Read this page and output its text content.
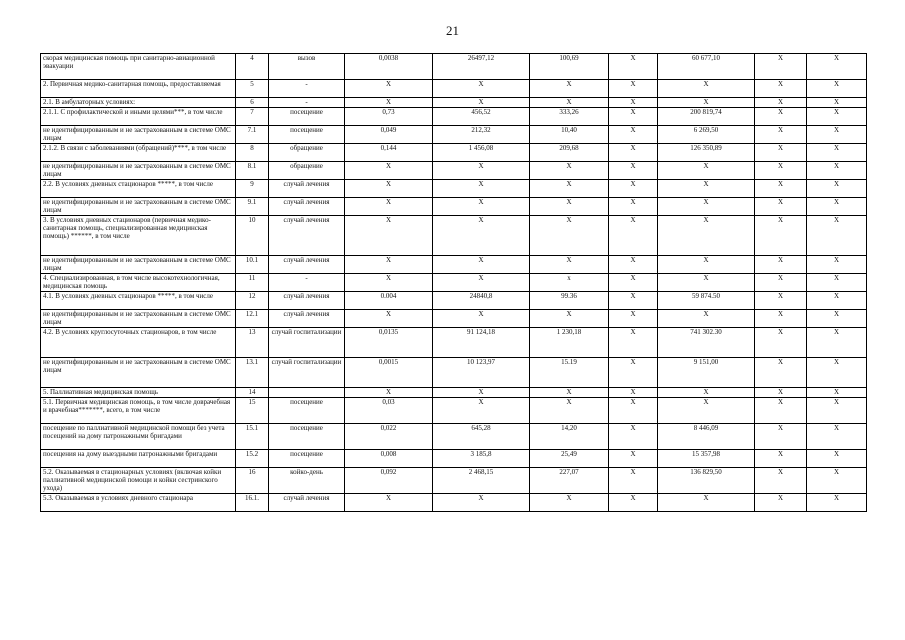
21
скорая медицинская помощь при санитарно-авиационной эвакуации	4	вызов	0,0038	26497,12	100,69	Х	60 677,10	Х	Х
2. Первичная медико-санитарная помощь, предоставляемая	5	-	Х	Х	Х	Х	Х	Х	Х
2.1. В амбулаторных условиях:	6	-	Х	Х	Х	Х	Х	Х	Х
2.1.1. С профилактической и иными целями***, в том числе	7	посещение	0,73	456,52	333,26	Х	200 819,74	Х	Х
не идентифицированным и не застрахованным в системе ОМС лицам	7.1	посещение	0,049	212,32	10,40	Х	6 269,50	Х	Х
2.1.2. В связи с заболеваниями (обращений)****, в том числе	8	обращение	0,144	1 456,08	209,68	Х	126 350,89	Х	Х
не идентифицированным и не застрахованным в системе ОМС лицам	8.1	обращение	Х	Х	Х	Х	Х	Х	Х
2.2. В условиях дневных стационаров *****, в том числе	9	случай лечения	Х	Х	Х	Х	Х	Х	Х
не идентифицированным и не застрахованным в системе ОМС лицам	9.1	случай лечения	Х	Х	Х	Х	Х	Х	Х
3. В условиях дневных стационаров (первичная медико-санитарная помощь, специализированная медицинская помощь) ******, в том числе	10	случай лечения	Х	Х	Х	Х	Х	Х	Х
не идентифицированным и не застрахованным в системе ОМС лицам	10.1	случай лечения	Х	Х	Х	Х	Х	Х	Х
4. Специализированная, в том числе высокотехнологичная, медицинская помощь	11	-	Х	Х	х	Х	Х	Х	Х
4.1. В условиях дневных стационаров *****, в том числе	12	случай лечения	0.004	24840,8	99.36	Х	59 874.50	Х	Х
не идентифицированным и не застрахованным в системе ОМС лицам	12.1	случай лечения	Х	Х	Х	Х	Х	Х	Х
4.2. В условиях круглосуточных стационаров, в том числе	13	случай госпитализации	0,0135	91 124,18	1 230,18	Х	741 302.30	Х	Х
не идентифицированным и не застрахованным в системе ОМС лицам	13.1	случай госпитализации	0,0015	10 123,97	15.19	Х	9 151,00	Х	Х
5. Паллиативная медицинская помощь	14		Х	Х	Х	Х	Х	Х	Х
5.1. Первичная медицинская помощь, в том числе доврачебная и врачебная*******, всего, в том числе	15	посещение	0,03	Х	Х	Х	Х	Х	Х
посещение по паллиативной медицинской помощи без учета посещений на дому патронажными бригадами	15.1	посещение	0,022	645,28	14,20	Х	8 446,09	Х	Х
посещения на дому выездными патронажными бригадами	15.2	посещение	0,008	3 185,8	25,49	Х	15 357,98	Х	Х
5.2. Оказываемая в стационарных условиях (включая койки паллиативной медицинской помощи и койки сестринского ухода)	16	койко-день	0,092	2 468,15	227,07	Х	136 829,50	Х	Х
5.3. Оказываемая в условиях дневного стационара	16.1.	случай лечения	Х	Х	Х	Х	Х	Х	Х
